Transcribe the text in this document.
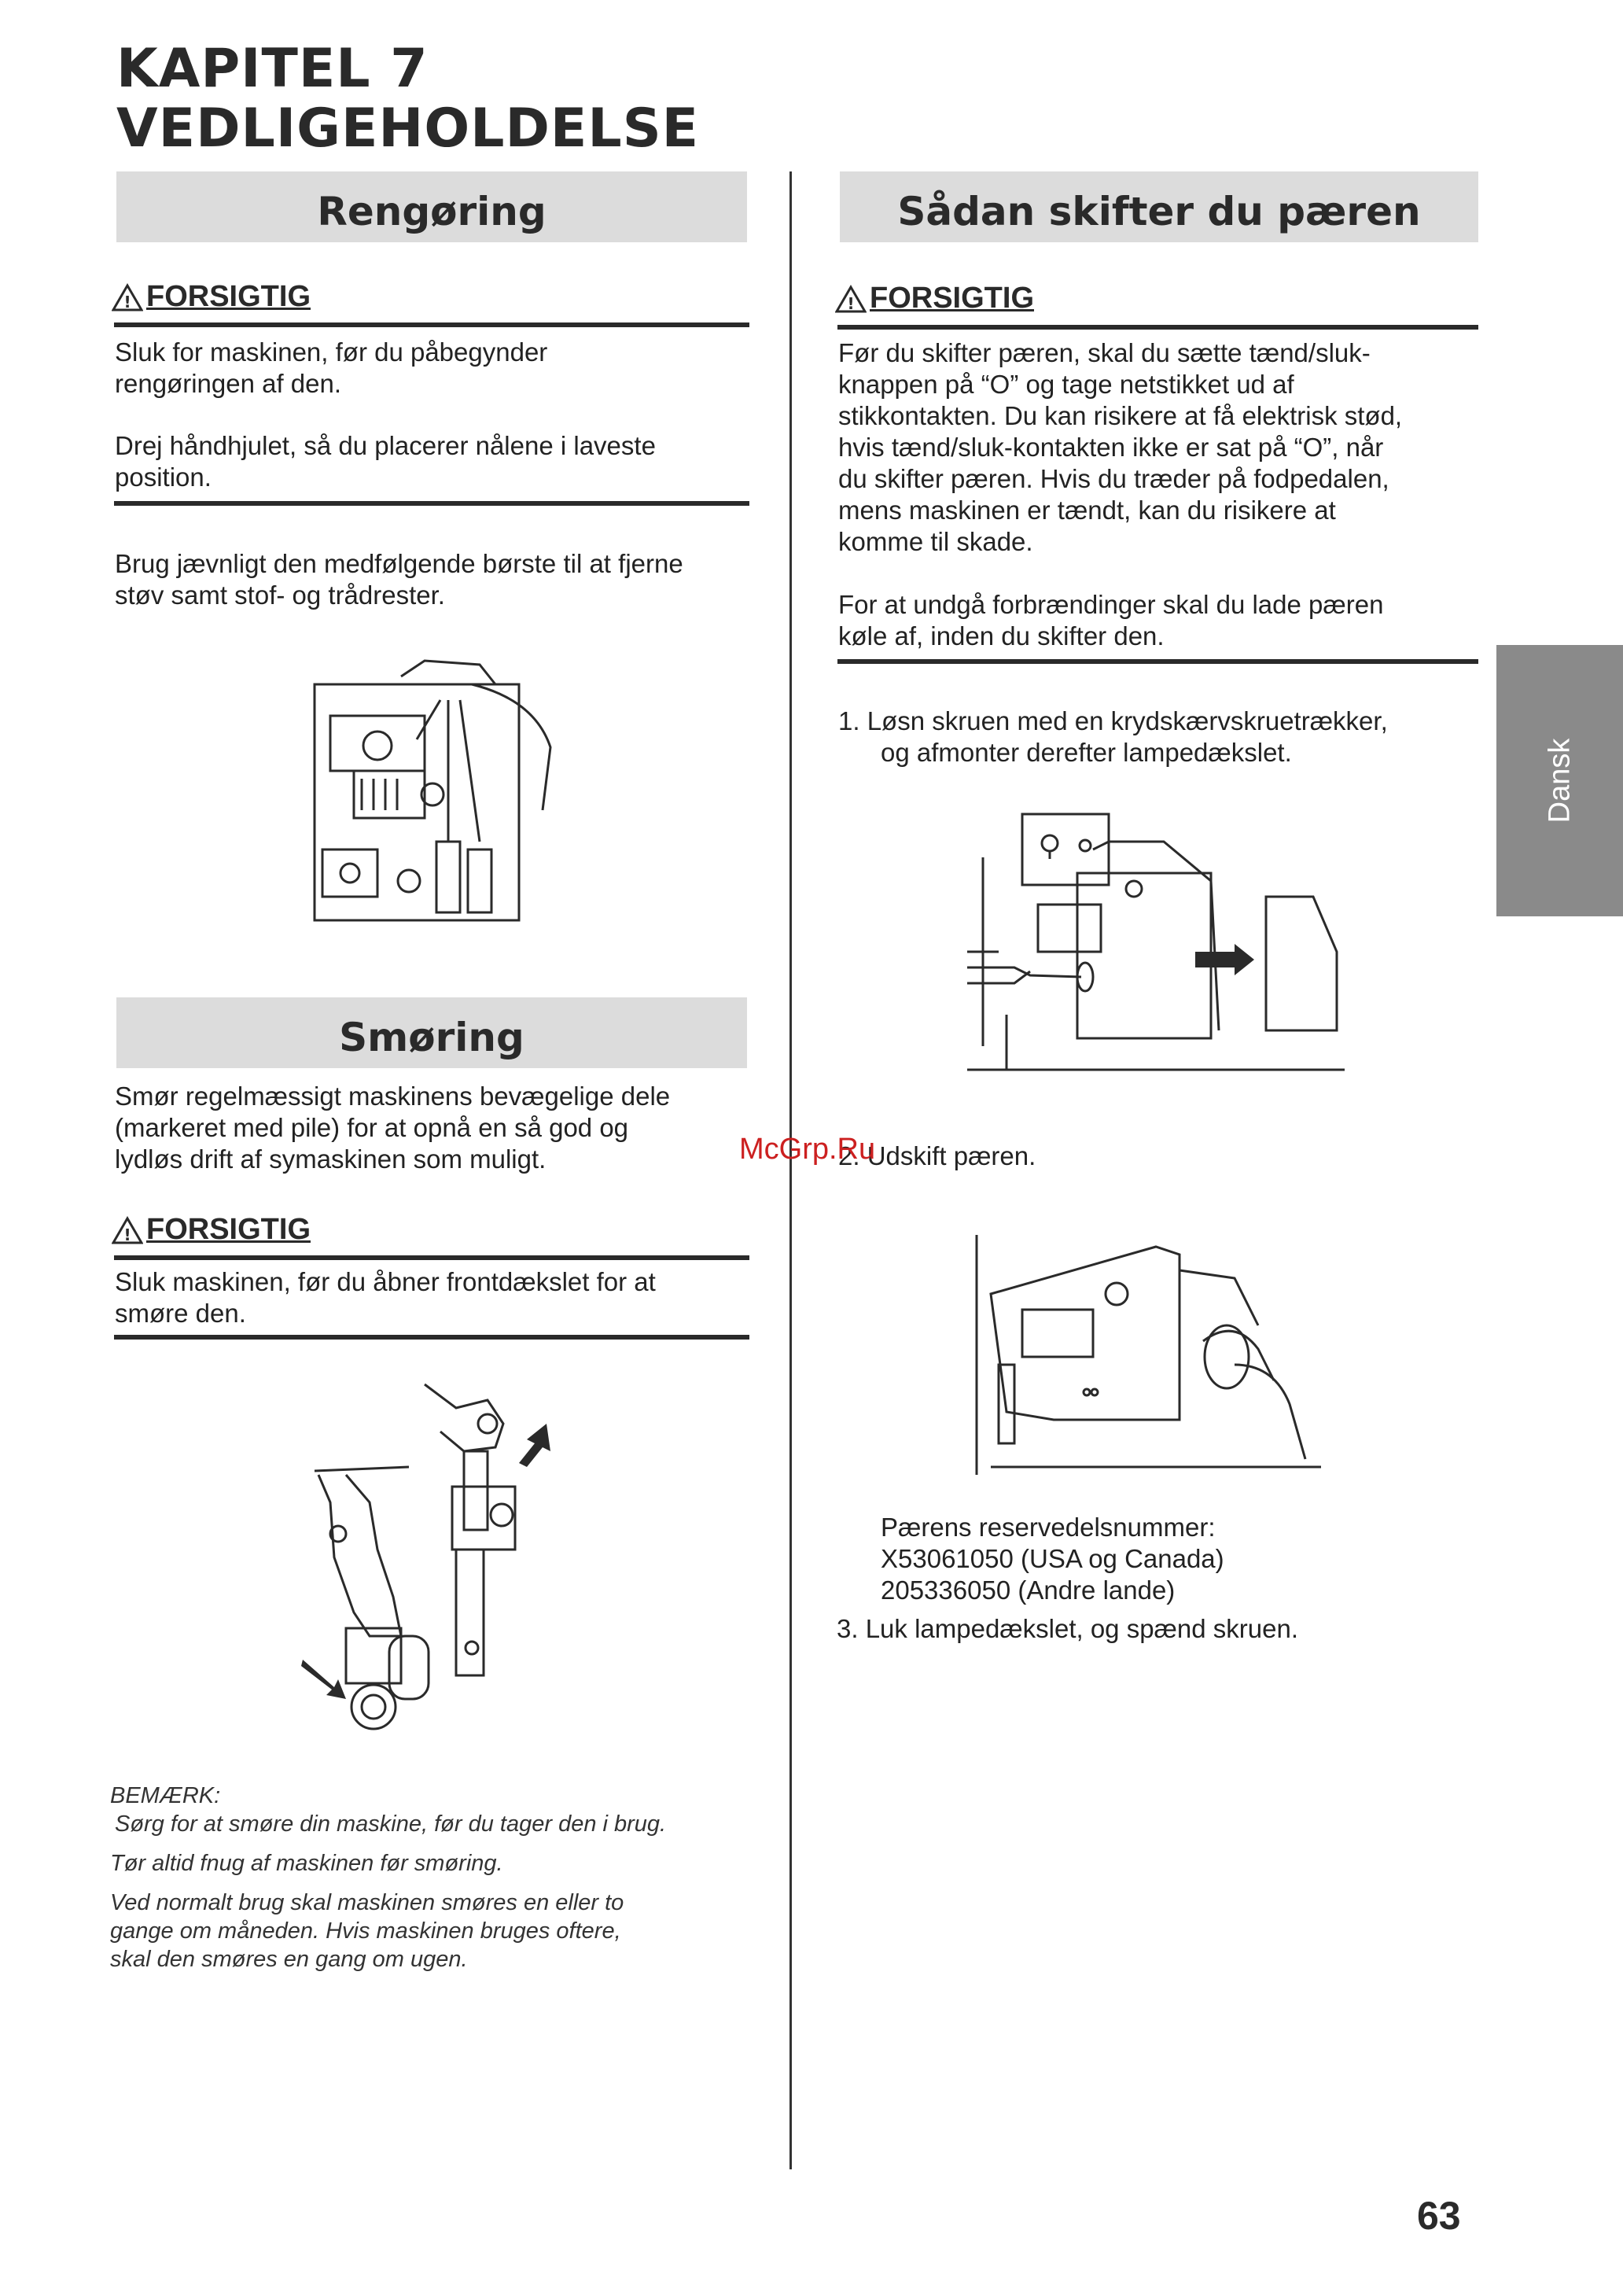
KAPITEL 7
VEDLIGEHOLDELSE
Rengøring
! FORSIGTIG
Sluk for maskinen, før du påbegynder
rengøringen af den.
Drej håndhjulet, så du placerer nålene i laveste
position.
Brug jævnligt den medfølgende børste til at fjerne
støv samt stof- og trådrester.
Smøring
Smør regelmæssigt maskinens bevægelige dele
(markeret med pile) for at opnå en så god og
lydløs drift af symaskinen som muligt.
! FORSIGTIG
Sluk maskinen, før du åbner frontdækslet for at
smøre den.
BEMÆRK:
Sørg for at smøre din maskine, før du tager den i brug.
Tør altid fnug af maskinen før smøring.
Ved normalt brug skal maskinen smøres en eller to
gange om måneden. Hvis maskinen bruges oftere,
skal den smøres en gang om ugen.
Sådan skifter du pæren
! FORSIGTIG
Før du skifter pæren, skal du sætte tænd/sluk-
knappen på “O” og tage netstikket ud af
stikkontakten. Du kan risikere at få elektrisk stød,
hvis tænd/sluk-kontakten ikke er sat på “O”, når
du skifter pæren. Hvis du træder på fodpedalen,
mens maskinen er tændt, kan du risikere at
komme til skade.
For at undgå forbrændinger skal du lade pæren
køle af, inden du skifter den.
1. Løsn skruen med en krydskærvskruetrækker,
og afmonter derefter lampedækslet.
2. Udskift pæren.
Pærens reservedelsnummer:
X53061050 (USA og Canada)
205336050 (Andre lande)
3. Luk lampedækslet, og spænd skruen.
Dansk
McGrp.Ru
63
